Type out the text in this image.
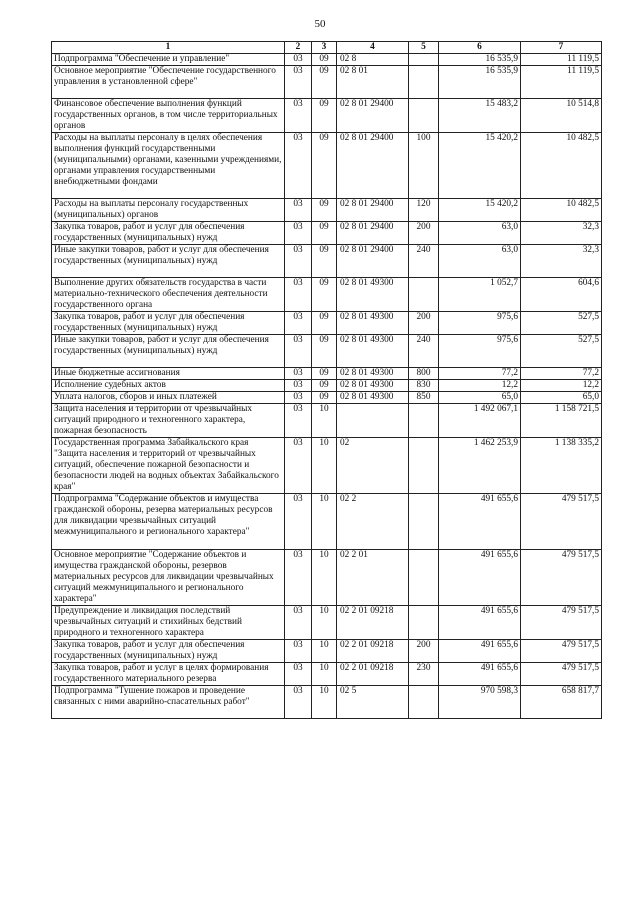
50
1	2	3	4	5	6	7
Подпрограмма "Обеспечение и управление"	03	09	02 8		16 535,9	11 119,5
Основное мероприятие "Обеспечение государственного управления в установленной сфере"	03	09	02 8 01		16 535,9	11 119,5
Финансовое обеспечение выполнения функций государственных органов, в том числе территориальных органов	03	09	02 8 01 29400		15 483,2	10 514,8
Расходы на выплаты персоналу в целях обеспечения выполнения функций государственными (муниципальными) органами, казенными учреждениями, органами управления государственными внебюджетными фондами	03	09	02 8 01 29400	100	15 420,2	10 482,5
Расходы на выплаты персоналу государственных (муниципальных) органов	03	09	02 8 01 29400	120	15 420,2	10 482,5
Закупка товаров, работ и услуг для обеспечения государственных (муниципальных) нужд	03	09	02 8 01 29400	200	63,0	32,3
Иные закупки товаров, работ и услуг для обеспечения государственных (муниципальных) нужд	03	09	02 8 01 29400	240	63,0	32,3
Выполнение других обязательств государства в части материально-технического обеспечения деятельности государственного органа	03	09	02 8 01 49300		1 052,7	604,6
Закупка товаров, работ и услуг для обеспечения государственных (муниципальных) нужд	03	09	02 8 01 49300	200	975,6	527,5
Иные закупки товаров, работ и услуг для обеспечения государственных (муниципальных) нужд	03	09	02 8 01 49300	240	975,6	527,5
Иные бюджетные ассигнования	03	09	02 8 01 49300	800	77,2	77,2
Исполнение судебных актов	03	09	02 8 01 49300	830	12,2	12,2
Уплата налогов, сборов и иных платежей	03	09	02 8 01 49300	850	65,0	65,0
Защита населения и территории от чрезвычайных ситуаций природного и техногенного характера, пожарная безопасность	03	10			1 492 067,1	1 158 721,5
Государственная программа Забайкальского края "Защита населения и территорий от чрезвычайных ситуаций, обеспечение пожарной безопасности и безопасности людей на водных объектах Забайкальского края"	03	10	02		1 462 253,9	1 138 335,2
Подпрограмма "Содержание объектов и имущества гражданской обороны, резерва материальных ресурсов для ликвидации чрезвычайных ситуаций межмуниципального и регионального характера"	03	10	02 2		491 655,6	479 517,5
Основное мероприятие "Содержание объектов и имущества гражданской обороны, резервов материальных ресурсов для ликвидации чрезвычайных ситуаций межмуниципального и регионального характера"	03	10	02 2 01		491 655,6	479 517,5
Предупреждение и ликвидация последствий чрезвычайных ситуаций и стихийных бедствий природного и техногенного характера	03	10	02 2 01 09218		491 655,6	479 517,5
Закупка товаров, работ и услуг для обеспечения государственных (муниципальных) нужд	03	10	02 2 01 09218	200	491 655,6	479 517,5
Закупка товаров, работ и услуг в целях формирования государственного материального резерва	03	10	02 2 01 09218	230	491 655,6	479 517,5
Подпрограмма "Тушение пожаров и проведение связанных с ними аварийно-спасательных работ"	03	10	02 5		970 598,3	658 817,7
